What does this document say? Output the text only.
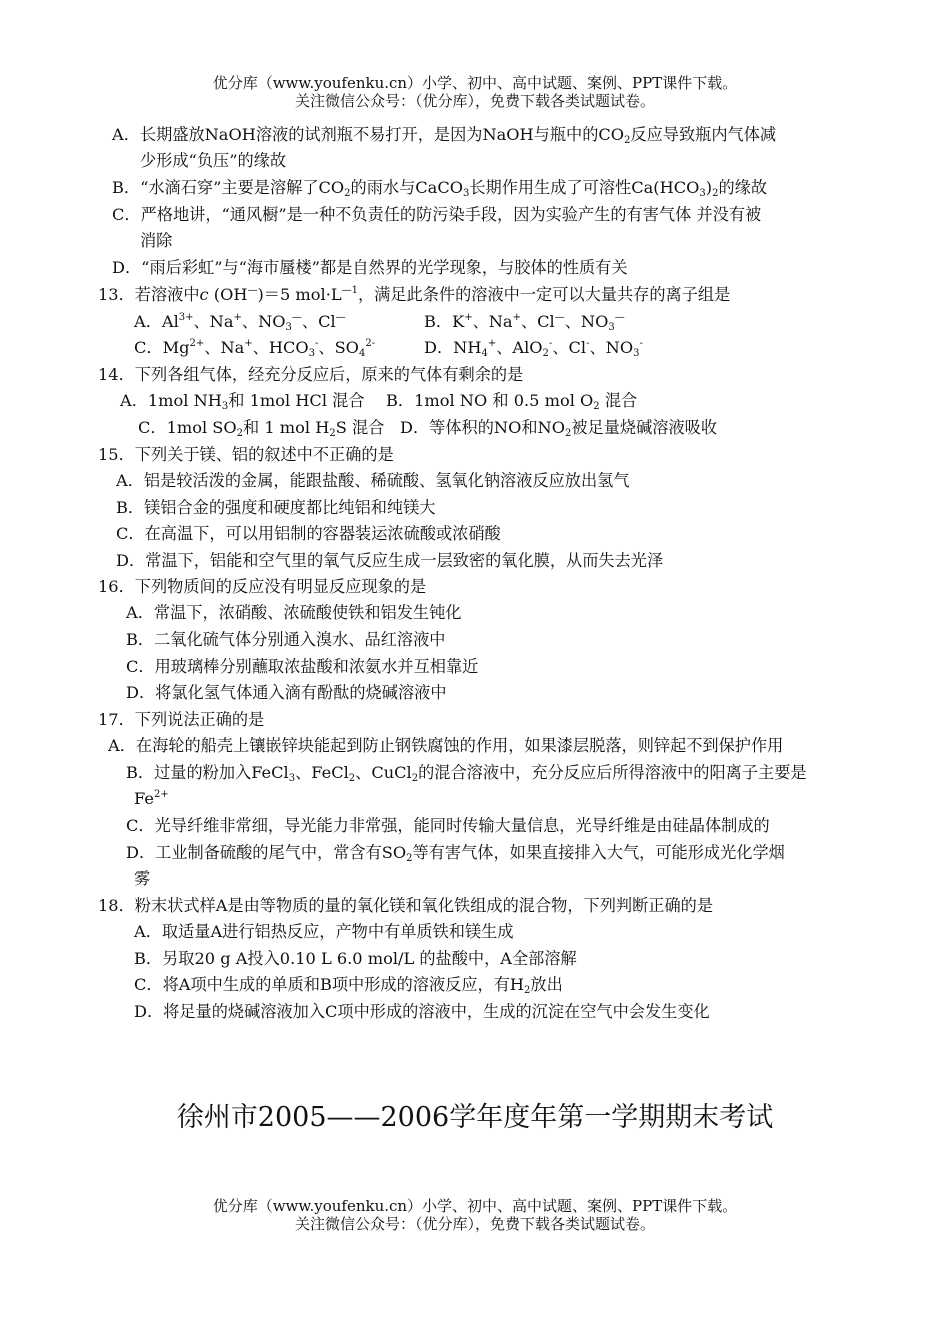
优分库（www.youfenku.cn）小学、初中、高中试题、案例、PPT课件下载。
关注微信公众号：（优分库），免费下载各类试题试卷。
A．长期盛放NaOH溶液的试剂瓶不易打开，是因为NaOH与瓶中的$CO_2$反应导致瓶内气体减
少形成“负压”的缘故
B．“水滴石穿”主要是溶解了$CO_2$的雨水与CaCO$_3$长期作用生成了可溶性$Ca(HCO_3)_2$的缘故
C．严格地讲，“通风橱”是一种不负责任的防污染手段，因为实验产生的有害气体 并没有被
消除
D．“雨后彩虹”与“海市蜃楼”都是自然界的光学现象，与胶体的性质有关
13．若溶液中c (OH—)＝5 $mol\cdot L^{—1}$，满足此条件的溶液中一定可以大量共存的离子组是
A．$Al^{3+}$、Na+、$NO_3^—$、Cl—	B．K+、Na+、Cl—、$NO_3^—$
C．$Mg^{2+}$、Na+、$HCO_3^-$、$SO_4^{2-}$	D．$NH_4^+$、AlO$_2$-、Cl-、$NO_3^-$
14．下列各组气体，经充分反应后，原来的气体有剩余的是
A．1mol $NH_3$和 1mol HCl 混合 B．1mol NO 和 0.5 mol $O_2$ 混合
C．1mol $SO_2$和 1 mol $H_2S$ 混合 D．等体积的NO和$NO_2$被足量烧碱溶液吸收
15．下列关于镁、铝的叙述中不正确的是
A．铝是较活泼的金属，能跟盐酸、稀硫酸、氢氧化钠溶液反应放出氢气
B．镁铝合金的强度和硬度都比纯铝和纯镁大
C．在高温下，可以用铝制的容器装运浓硫酸或浓硝酸
D．常温下，铝能和空气里的氧气反应生成一层致密的氧化膜，从而失去光泽
16．下列物质间的反应没有明显反应现象的是
A．常温下，浓硝酸、浓硫酸使铁和铝发生钝化
B．二氧化硫气体分别通入溴水、品红溶液中
C．用玻璃棒分别蘸取浓盐酸和浓氨水并互相靠近
D．将氯化氢气体通入滴有酚酞的烧碱溶液中
17．下列说法正确的是
A．在海轮的船壳上镶嵌锌块能起到防止钢铁腐蚀的作用，如果漆层脱落，则锌起不到保护作用
B．过量的粉加入FeCl$_3$、FeCl$_2$、CuCl$_2$的混合溶液中，充分反应后所得溶液中的阳离子主要是
$Fe^{2+}$
C．光导纤维非常细，导光能力非常强，能同时传输大量信息，光导纤维是由硅晶体制成的
D．工业制备硫酸的尾气中，常含有$SO_2$等有害气体，如果直接排入大气，可能形成光化学烟
雾
18．粉末状式样A是由等物质的量的氧化镁和氧化铁组成的混合物，下列判断正确的是
A．取适量A进行铝热反应，产物中有单质铁和镁生成
B．另取20 g A投入0.10 L 6.0 mol/L 的盐酸中，A全部溶解
C．将A项中生成的单质和B项中形成的溶液反应，有$H_2$放出
D．将足量的烧碱溶液加入C项中形成的溶液中，生成的沉淀在空气中会发生变化
徐州市2005——2006学年度年第一学期期末考试
优分库（www.youfenku.cn）小学、初中、高中试题、案例、PPT课件下载。
关注微信公众号：（优分库），免费下载各类试题试卷。
